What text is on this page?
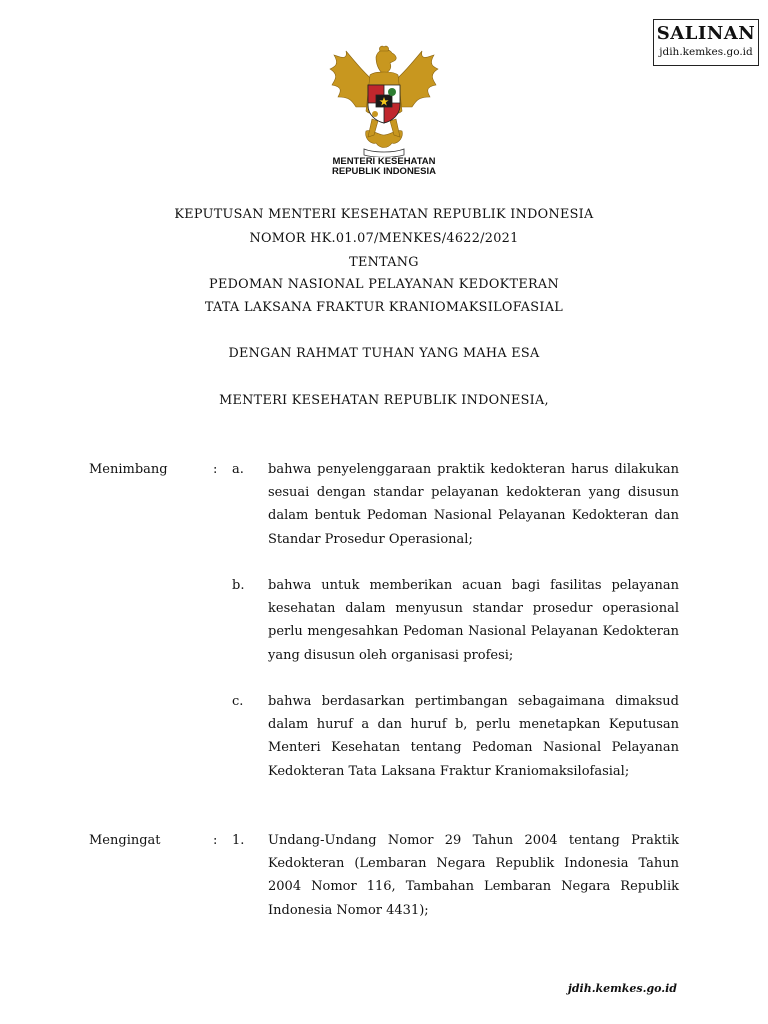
SALINAN
jdih.kemkes.go.id
MENTERI KESEHATAN
REPUBLIK INDONESIA
KEPUTUSAN MENTERI KESEHATAN REPUBLIK INDONESIA
NOMOR HK.01.07/MENKES/4622/2021
TENTANG
PEDOMAN NASIONAL PELAYANAN KEDOKTERAN
TATA LAKSANA FRAKTUR KRANIOMAKSILOFASIAL
DENGAN RAHMAT TUHAN YANG MAHA ESA
MENTERI KESEHATAN REPUBLIK INDONESIA,
Menimbang	: a. bahwa penyelenggaraan praktik kedokteran harus dilakukan sesuai dengan standar pelayanan kedokteran yang disusun dalam bentuk Pedoman Nasional Pelayanan Kedokteran dan Standar Prosedur Operasional;

b. bahwa untuk memberikan acuan bagi fasilitas pelayanan kesehatan dalam menyusun standar prosedur operasional perlu mengesahkan Pedoman Nasional Pelayanan Kedokteran yang disusun oleh organisasi profesi;

c. bahwa berdasarkan pertimbangan sebagaimana dimaksud dalam huruf a dan huruf b, perlu menetapkan Keputusan Menteri Kesehatan tentang Pedoman Nasional Pelayanan Kedokteran Tata Laksana Fraktur Kraniomaksilofasial;

Mengingat	: 1. Undang-Undang Nomor 29 Tahun 2004 tentang Praktik Kedokteran (Lembaran Negara Republik Indonesia Tahun 2004 Nomor 116, Tambahan Lembaran Negara Republik Indonesia Nomor 4431);

jdih.kemkes.go.id
